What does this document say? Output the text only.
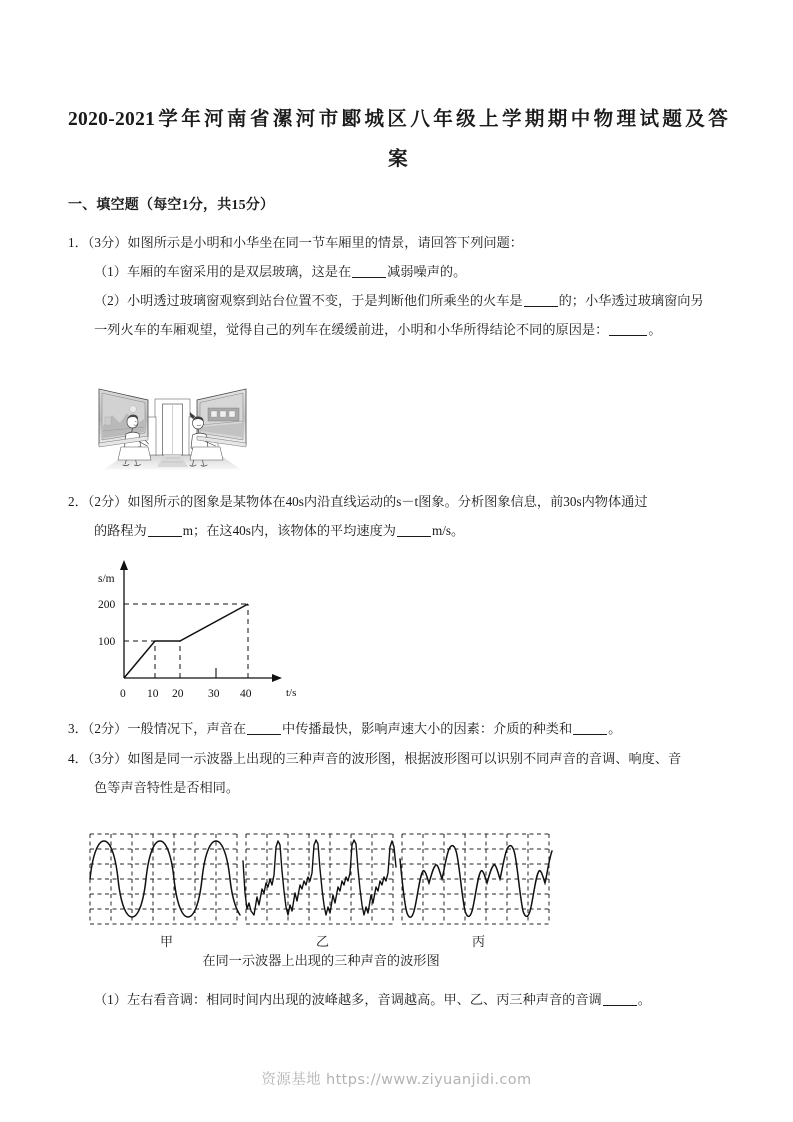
2020-2021学年河南省漯河市郾城区八年级上学期期中物理试题及答
案
一、填空题（每空1分，共15分）
1．（3分）如图所示是小明和小华坐在同一节车厢里的情景，请回答下列问题：
（1）车厢的车窗采用的是双层玻璃，这是在	减弱噪声的。
（2）小明透过玻璃窗观察到站台位置不变，于是判断他们所乘坐的火车是	的；小华透过玻璃窗向另
一列火车的车厢观望，觉得自己的列车在缓缓前进，小明和小华所得结论不同的原因是：	。
2．（2分）如图所示的图象是某物体在40s内沿直线运动的s－t图象。分析图象信息，前30s内物体通过
的路程为	m；在这40s内，该物体的平均速度为	m/s。
s/m
t/s
100
200
0 10 20 30 40
3．（2分）一般情况下，声音在	中传播最快，影响声速大小的因素：介质的种类和	。
4．（3分）如图是同一示波器上出现的三种声音的波形图，根据波形图可以识别不同声音的音调、响度、音
色等声音特性是否相同。
甲	乙	丙
在同一示波器上出现的三种声音的波形图
（1）左右看音调：相同时间内出现的波峰越多，音调越高。甲、乙、丙三种声音的音调	。
资源基地 https://www.ziyuanjidi.com
